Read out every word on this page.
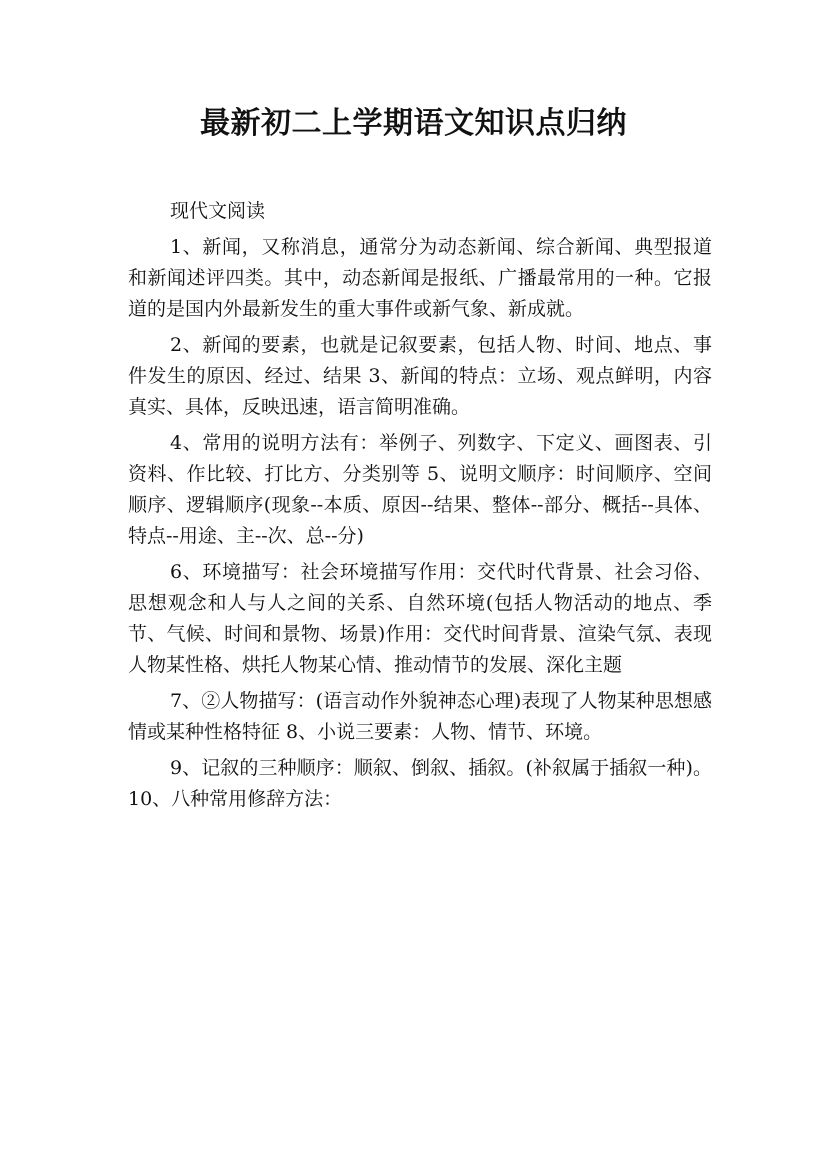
最新初二上学期语文知识点归纳

现代文阅读

1、新闻，又称消息，通常分为动态新闻、综合新闻、典型报道和新闻述评四类。其中，动态新闻是报纸、广播最常用的一种。它报道的是国内外最新发生的重大事件或新气象、新成就。

2、新闻的要素，也就是记叙要素，包括人物、时间、地点、事件发生的原因、经过、结果 3、新闻的特点：立场、观点鲜明，内容真实、具体，反映迅速，语言简明准确。

4、常用的说明方法有：举例子、列数字、下定义、画图表、引资料、作比较、打比方、分类别等 5、说明文顺序：时间顺序、空间顺序、逻辑顺序(现象--本质、原因--结果、整体--部分、概括--具体、特点--用途、主--次、总--分)

6、环境描写：社会环境描写作用：交代时代背景、社会习俗、思想观念和人与人之间的关系、自然环境(包括人物活动的地点、季节、气候、时间和景物、场景)作用：交代时间背景、渲染气氛、表现人物某性格、烘托人物某心情、推动情节的发展、深化主题

7、②人物描写：(语言动作外貌神态心理)表现了人物某种思想感情或某种性格特征 8、小说三要素：人物、情节、环境。

9、记叙的三种顺序：顺叙、倒叙、插叙。(补叙属于插叙一种)。10、八种常用修辞方法：
